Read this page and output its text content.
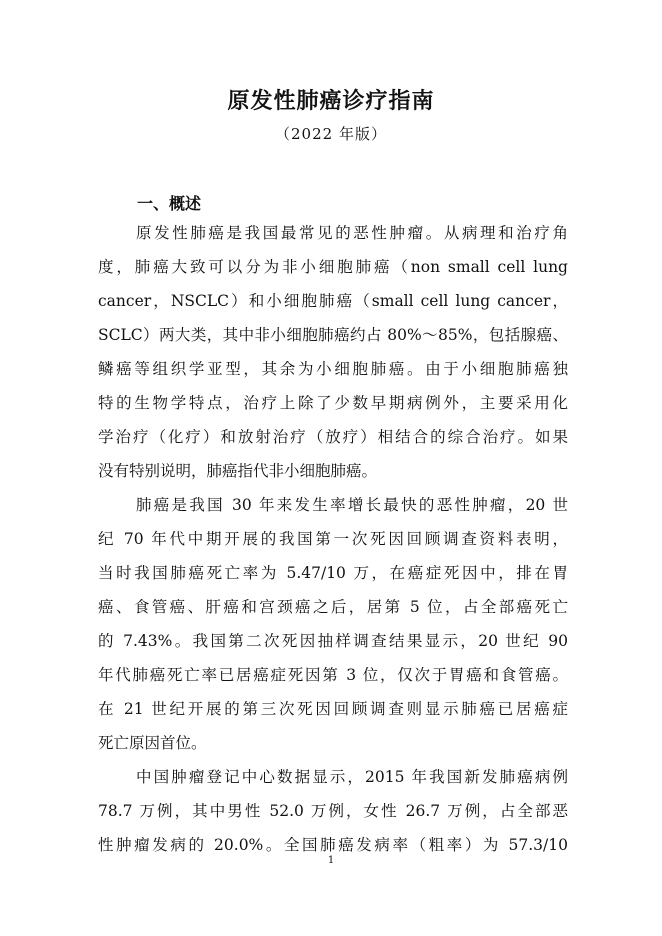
原发性肺癌诊疗指南
（2022 年版）
一、概述
原发性肺癌是我国最常见的恶性肿瘤。从病理和治疗角
度，肺癌大致可以分为非小细胞肺癌（non small cell lung
cancer，NSCLC）和小细胞肺癌（small cell lung cancer，
SCLC）两大类，其中非小细胞肺癌约占 80%～85%，包括腺癌、
鳞癌等组织学亚型，其余为小细胞肺癌。由于小细胞肺癌独
特的生物学特点，治疗上除了少数早期病例外，主要采用化
学治疗（化疗）和放射治疗（放疗）相结合的综合治疗。如果
没有特别说明，肺癌指代非小细胞肺癌。
肺癌是我国 30 年来发生率增长最快的恶性肿瘤，20 世
纪 70 年代中期开展的我国第一次死因回顾调查资料表明，
当时我国肺癌死亡率为 5.47/10 万，在癌症死因中，排在胃
癌、食管癌、肝癌和宫颈癌之后，居第 5 位，占全部癌死亡
的 7.43%。我国第二次死因抽样调查结果显示，20 世纪 90
年代肺癌死亡率已居癌症死因第 3 位，仅次于胃癌和食管癌。
在 21 世纪开展的第三次死因回顾调查则显示肺癌已居癌症
死亡原因首位。
中国肿瘤登记中心数据显示，2015 年我国新发肺癌病例
78.7 万例，其中男性 52.0 万例，女性 26.7 万例，占全部恶
性肿瘤发病的 20.0%。全国肺癌发病率（粗率）为 57.3/10
1
